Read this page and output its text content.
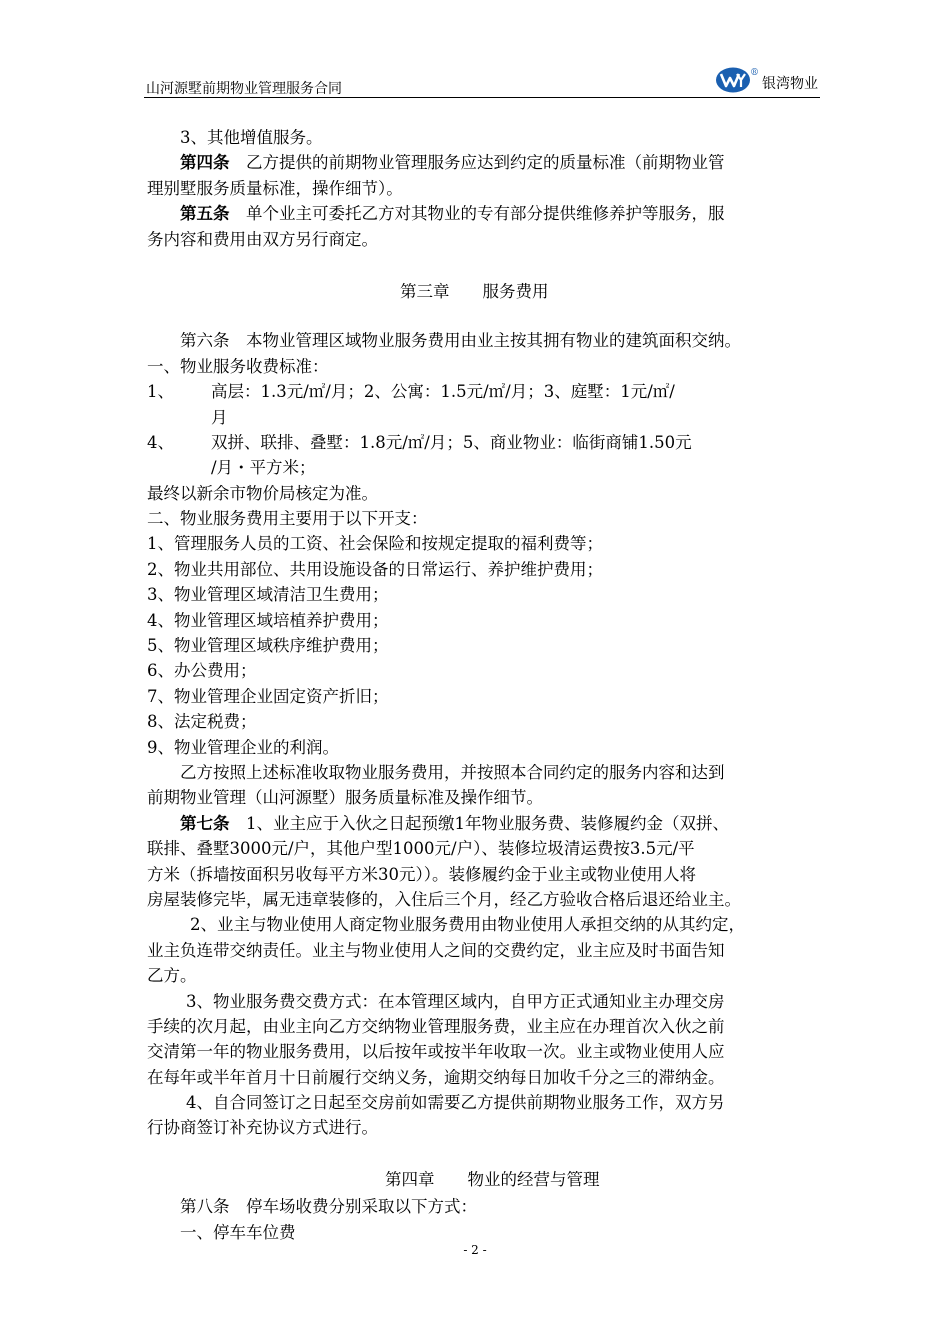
山河源墅前期物业管理服务合同
®
银湾物业
3、其他增值服务。
第四条　乙方提供的前期物业管理服务应达到约定的质量标准（前期物业管
理别墅服务质量标准，操作细节）。
第五条　单个业主可委托乙方对其物业的专有部分提供维修养护等服务，服
务内容和费用由双方另行商定。
第三章　　服务费用
第六条　本物业管理区域物业服务费用由业主按其拥有物业的建筑面积交纳。
一、物业服务收费标准：
1、 高层：1.3元/㎡/月；2、公寓：1.5元/㎡/月；3、庭墅：1元/㎡/
月
4、 双拼、联排、叠墅：1.8元/㎡/月；5、商业物业：临街商铺1.50元
/月・平方米；
最终以新余市物价局核定为准。
二、物业服务费用主要用于以下开支：
1、管理服务人员的工资、社会保险和按规定提取的福利费等；
2、物业共用部位、共用设施设备的日常运行、养护维护费用；
3、物业管理区域清洁卫生费用；
4、物业管理区域培植养护费用；
5、物业管理区域秩序维护费用；
6、办公费用；
7、物业管理企业固定资产折旧；
8、法定税费；
9、物业管理企业的利润。
乙方按照上述标准收取物业服务费用，并按照本合同约定的服务内容和达到
前期物业管理（山河源墅）服务质量标准及操作细节。
第七条　1、业主应于入伙之日起预缴1年物业服务费、装修履约金（双拼、
联排、叠墅3000元/户，其他户型1000元/户）、装修垃圾清运费按3.5元/平
方米（拆墙按面积另收每平方米30元））。装修履约金于业主或物业使用人将
房屋装修完毕，属无违章装修的，入住后三个月，经乙方验收合格后退还给业主。
2、业主与物业使用人商定物业服务费用由物业使用人承担交纳的从其约定，
业主负连带交纳责任。业主与物业使用人之间的交费约定，业主应及时书面告知
乙方。
3、物业服务费交费方式：在本管理区域内，自甲方正式通知业主办理交房
手续的次月起，由业主向乙方交纳物业管理服务费，业主应在办理首次入伙之前
交清第一年的物业服务费用，以后按年或按半年收取一次。业主或物业使用人应
在每年或半年首月十日前履行交纳义务，逾期交纳每日加收千分之三的滞纳金。
4、自合同签订之日起至交房前如需要乙方提供前期物业服务工作，双方另
行协商签订补充协议方式进行。
第四章　　物业的经营与管理
第八条　停车场收费分别采取以下方式：
一、停车车位费
- 2 -
